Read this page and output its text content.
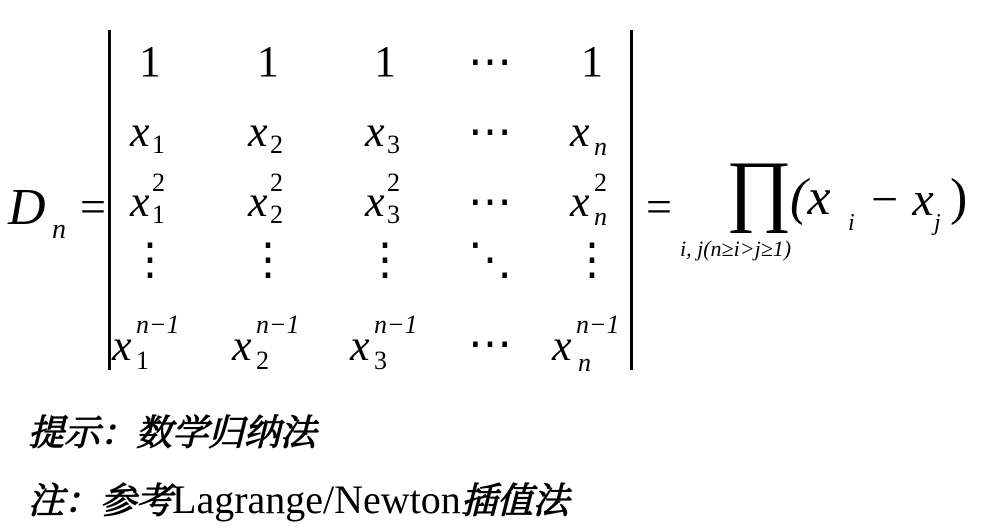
D n =
1 1 1 ⋯ 1
x 1 x 2 x 3 ⋯ x n
x 2
1 x 2
2 x 2
3 ⋯ x 2
n
⋮ ⋮ ⋮ ⋱ ⋮
x n−1
1 x n−1
2 x n−1
3 ⋯ x n−1
n
= ∏
i, j(n≥i>j≥1)
(x i − x j )
提示：数学归纳法
注：参考Lagrange/Newton插值法
